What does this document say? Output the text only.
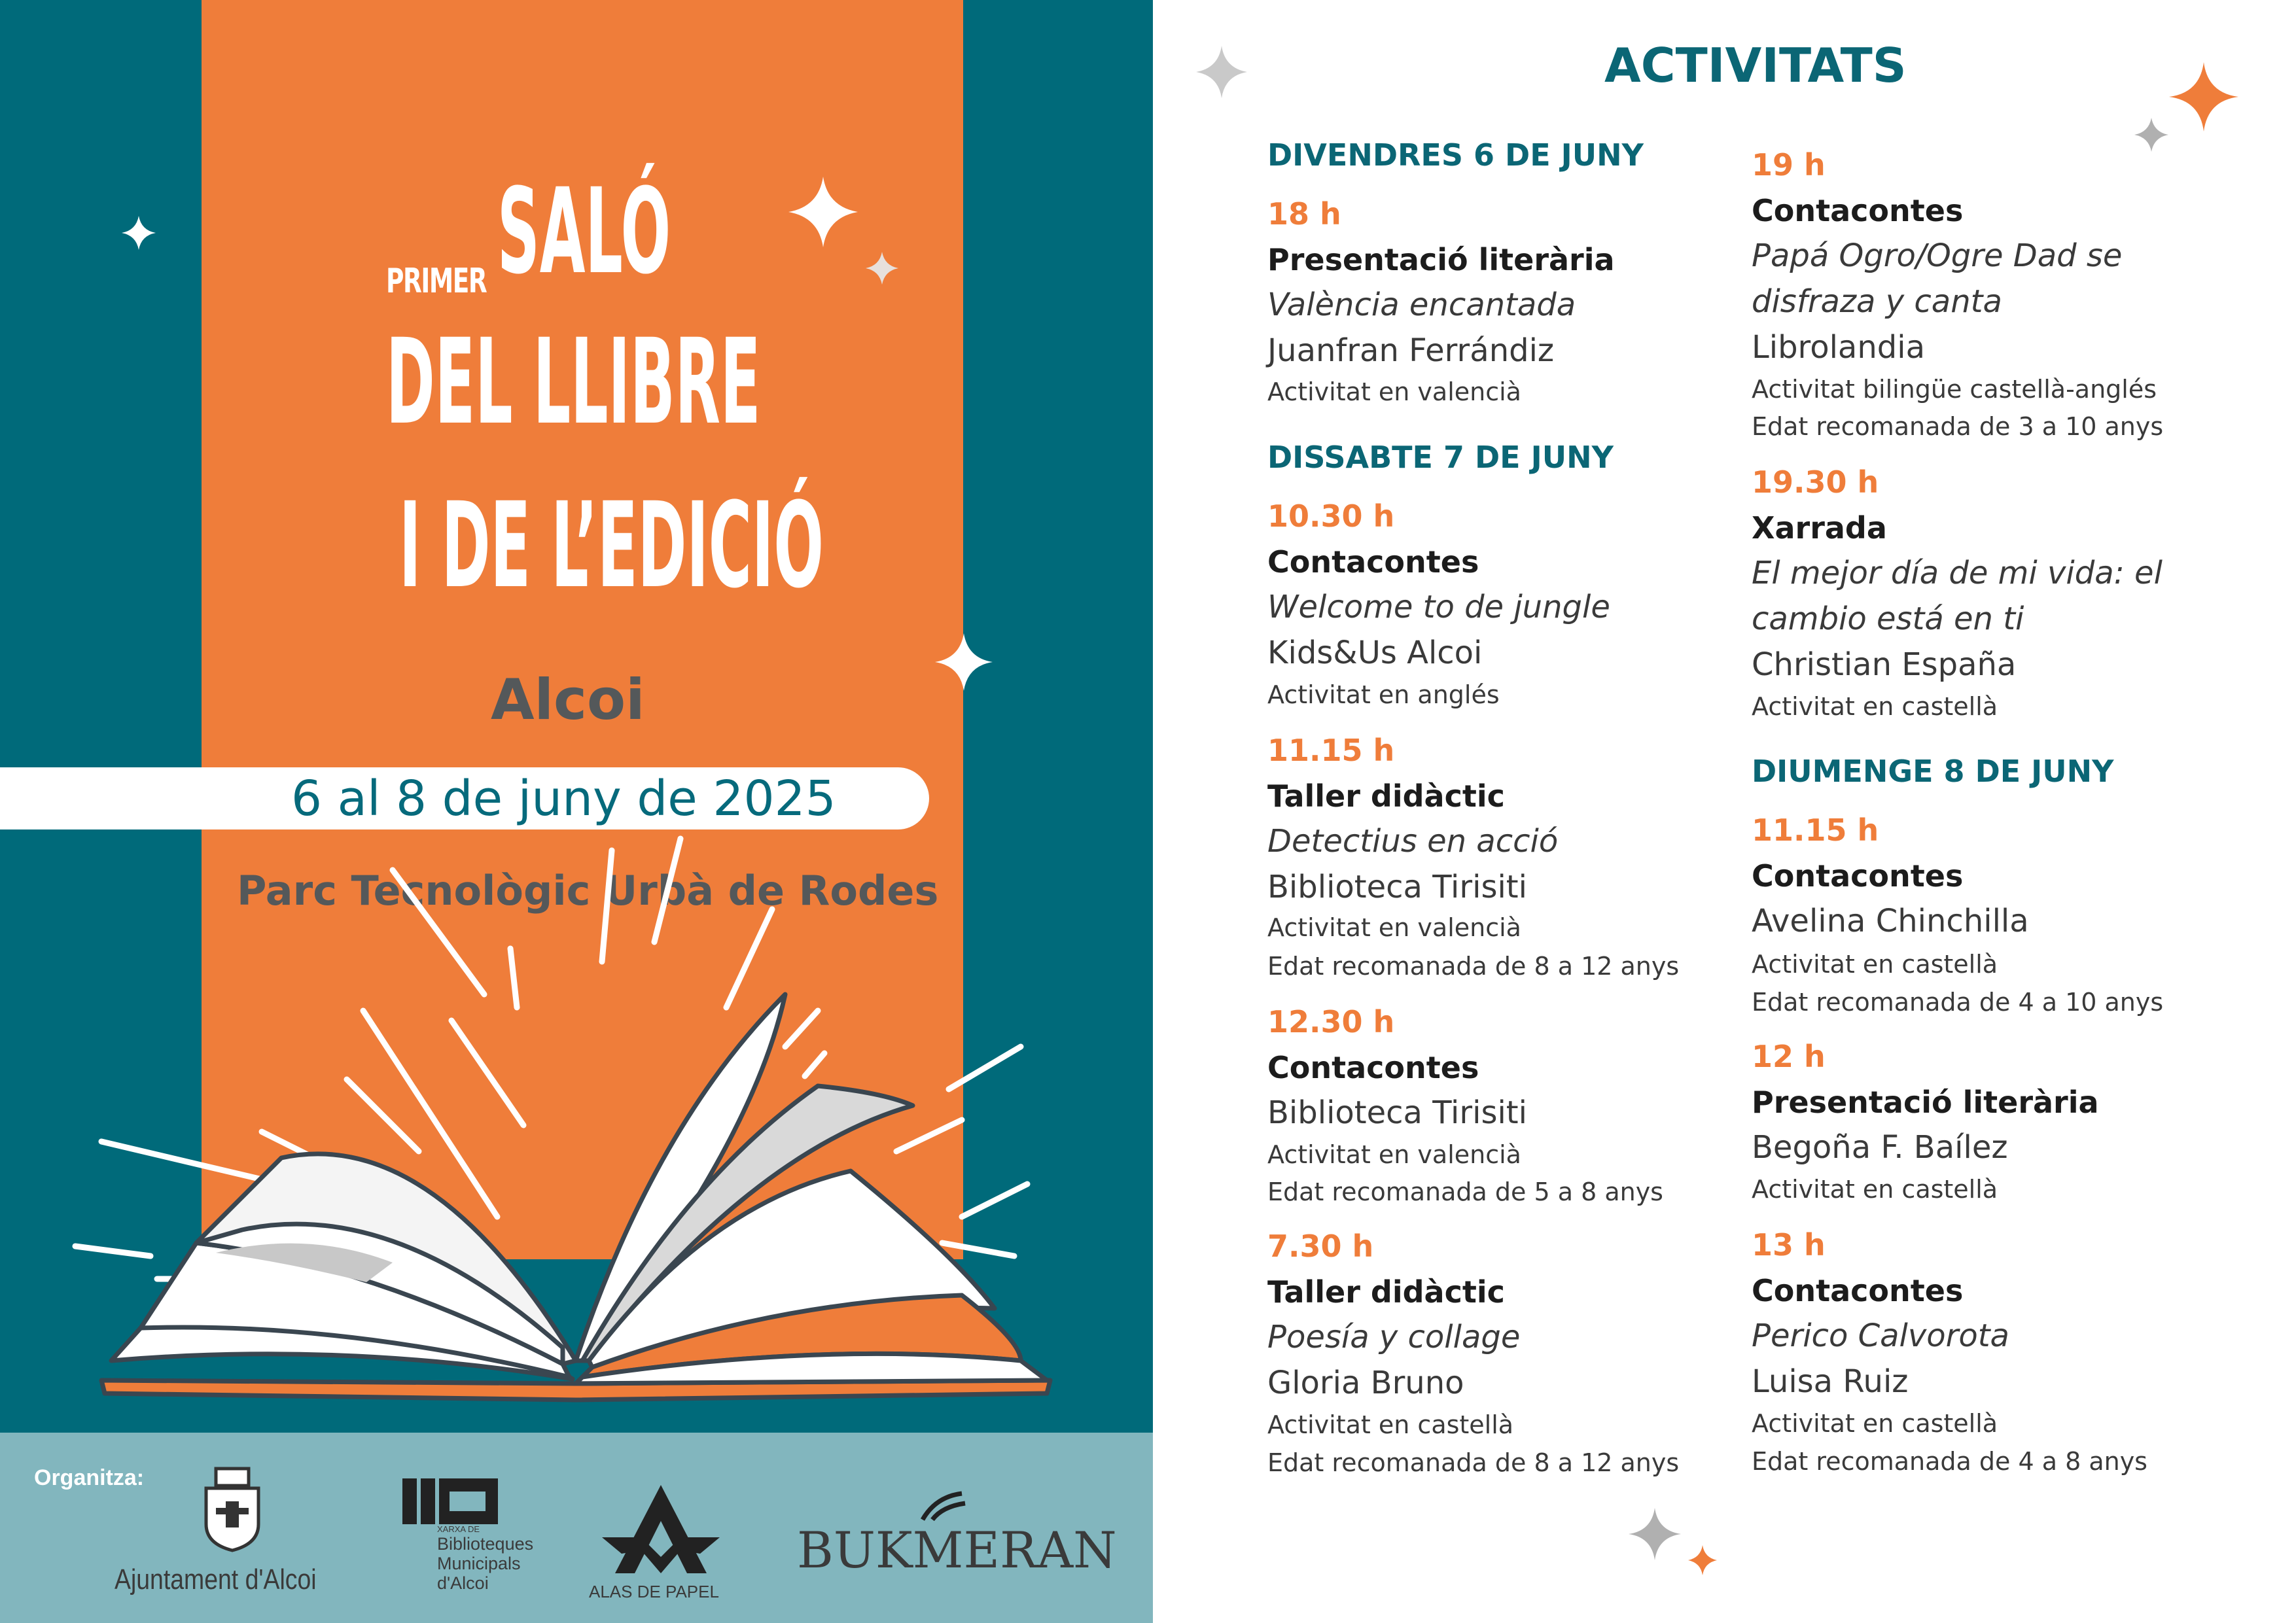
PRIMER SALÓ
DEL LLIBRE
I DE L’EDICIÓ
Alcoi
6 al 8 de juny de 2025
Parc Tecnològic Urbà de Rodes
Organitza:
Ajuntament d'Alcoi
XARXA DE
Biblioteques
Municipals
d'Alcoi	ALAS DE PAPEL
BUKMERAN
ACTIVITATS
DIVENDRES 6 DE JUNY
18 h
Presentació literària
València encantada
Juanfran Ferrándiz
Activitat en valencià
DISSABTE 7 DE JUNY
10.30 h
Contacontes
Welcome to de jungle
Kids&Us Alcoi
Activitat en anglés
11.15 h
Taller didàctic
Detectius en acció
Biblioteca Tirisiti
Activitat en valencià
Edat recomanada de 8 a 12 anys
12.30 h
Contacontes
Biblioteca Tirisiti
Activitat en valencià
Edat recomanada de 5 a 8 anys
7.30 h
Taller didàctic
Poesía y collage
Gloria Bruno
Activitat en castellà
Edat recomanada de 8 a 12 anys
19 h
Contacontes
Papá Ogro/Ogre Dad se
disfraza y canta
Librolandia
Activitat bilingüe castellà-anglés
Edat recomanada de 3 a 10 anys
19.30 h
Xarrada
El mejor día de mi vida: el
cambio está en ti
Christian España
Activitat en castellà
DIUMENGE 8 DE JUNY
11.15 h
Contacontes
Avelina Chinchilla
Activitat en castellà
Edat recomanada de 4 a 10 anys
12 h
Presentació literària
Begoña F. Baílez
Activitat en castellà
13 h
Contacontes
Perico Calvorota
Luisa Ruiz
Activitat en castellà
Edat recomanada de 4 a 8 anys
